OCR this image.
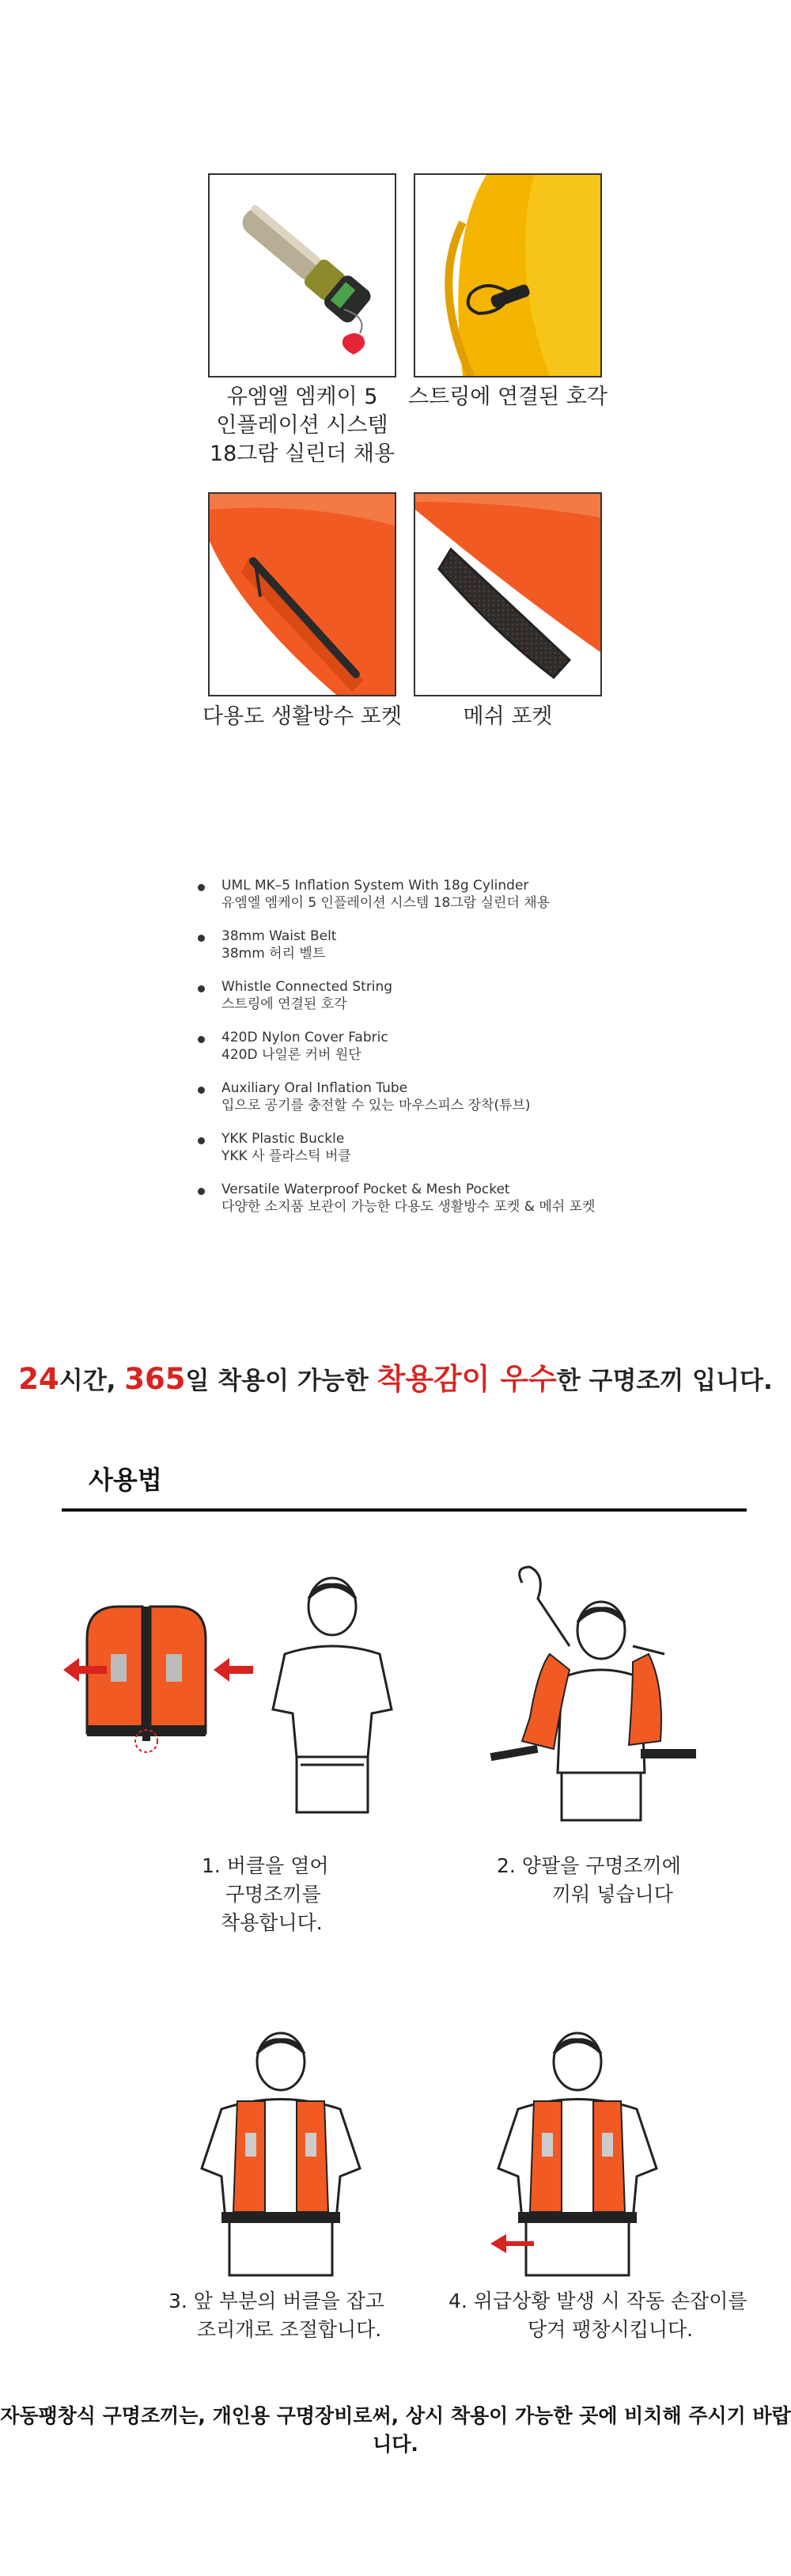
유엠엘 엠케이 5
인플레이션 시스템
18그람 실린더 채용
스트링에 연결된 호각
다용도 생활방수 포켓	메쉬 포켓
UML MK–5 Inflation System With 18g Cylinder
유엠엘 엠케이 5 인플레이션 시스템 18그람 실린더 채용
38mm Waist Belt
38mm 허리 벨트
Whistle Connected String
스트링에 연결된 호각
420D Nylon Cover Fabric
420D 나일론 커버 원단
Auxiliary Oral Inflation Tube
입으로 공기를 충전할 수 있는 마우스피스 장착(튜브)
YKK Plastic Buckle
YKK 사 플라스틱 버클
Versatile Waterproof Pocket & Mesh Pocket
다양한 소지품 보관이 가능한 다용도 생활방수 포켓 & 메쉬 포켓
24시간, 365일 착용이 가능한 착용감이 우수한 구명조끼 입니다.
사용법
1. 버클을 열어
구명조끼를
착용합니다.
2. 양팔을 구명조끼에
끼워 넣습니다
3. 앞 부분의 버클을 잡고
조리개로 조절합니다.
4. 위급상황 발생 시 작동 손잡이를
당겨 팽창시킵니다.
자동팽창식 구명조끼는, 개인용 구명장비로써, 상시 착용이 가능한 곳에 비치해 주시기 바랍니다.
